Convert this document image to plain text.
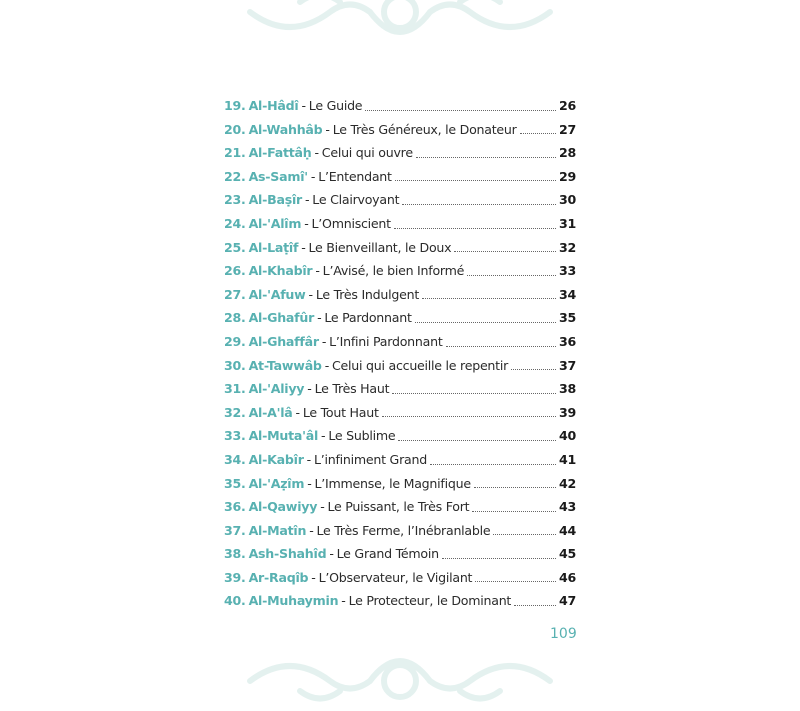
19. Al-Hâdî - Le Guide	26
20. Al-Wahhâb - Le Très Généreux, le Donateur	27
21. Al-Fattâḥ - Celui qui ouvre	28
22. As-Samî' - L’Entendant	29
23. Al-Baṣîr - Le Clairvoyant	30
24. Al-'Alîm - L’Omniscient	31
25. Al-Laṭîf - Le Bienveillant, le Doux	32
26. Al-Khabîr - L’Avisé, le bien Informé	33
27. Al-'Afuw - Le Très Indulgent	34
28. Al-Ghafûr - Le Pardonnant	35
29. Al-Ghaffâr - L’Infini Pardonnant	36
30. At-Tawwâb - Celui qui accueille le repentir	37
31. Al-'Aliyy - Le Très Haut	38
32. Al-A'lâ - Le Tout Haut	39
33. Al-Muta'âl - Le Sublime	40
34. Al-Kabîr - L’infiniment Grand	41
35. Al-'Aẓîm - L’Immense, le Magnifique	42
36. Al-Qawiyy - Le Puissant, le Très Fort	43
37. Al-Matîn - Le Très Ferme, l’Inébranlable	44
38. Ash-Shahîd - Le Grand Témoin	45
39. Ar-Raqîb - L’Observateur, le Vigilant	46
40. Al-Muhaymin - Le Protecteur, le Dominant	47
109
